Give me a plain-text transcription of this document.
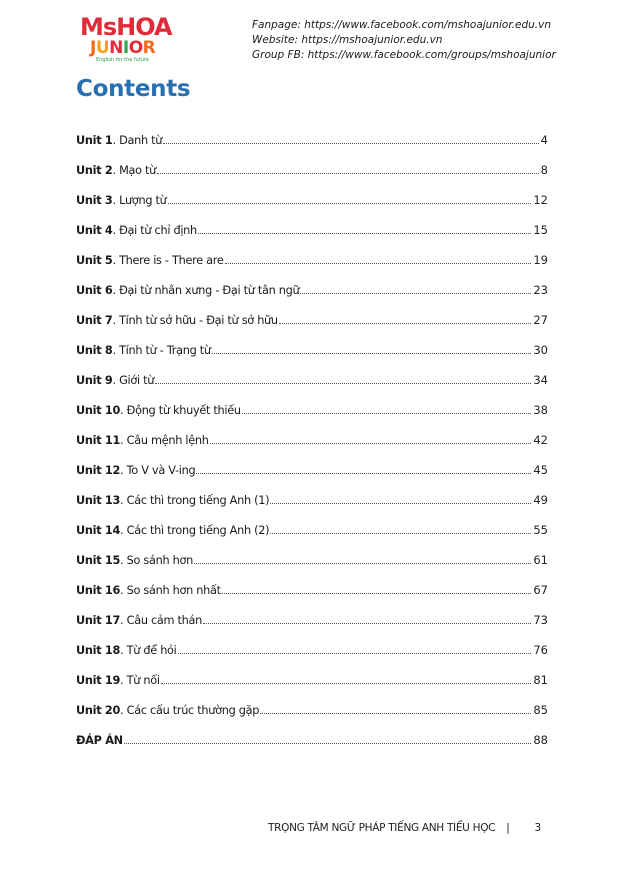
MsHOA
JUNIOR
English for the future
Fanpage: https://www.facebook.com/mshoajunior.edu.vn
Website: https://mshoajunior.edu.vn
Group FB: https://www.facebook.com/groups/mshoajunior
Contents
Unit 1. Danh từ	4
Unit 2. Mạo từ	8
Unit 3. Lượng từ	12
Unit 4. Đại từ chỉ định	15
Unit 5. There is - There are	19
Unit 6. Đại từ nhân xưng - Đại từ tân ngữ	23
Unit 7. Tính từ sở hữu - Đại từ sở hữu	27
Unit 8. Tính từ - Trạng từ	30
Unit 9. Giới từ	34
Unit 10. Động từ khuyết thiếu	38
Unit 11. Câu mệnh lệnh	42
Unit 12. To V và V-ing	45
Unit 13. Các thì trong tiếng Anh (1)	49
Unit 14. Các thì trong tiếng Anh (2)	55
Unit 15. So sánh hơn	61
Unit 16. So sánh hơn nhất	67
Unit 17. Câu cảm thán	73
Unit 18. Từ để hỏi	76
Unit 19. Từ nối	81
Unit 20. Các cấu trúc thường gặp	85
ĐÁP ÁN	88
TRỌNG TÂM NGỮ PHÁP TIẾNG ANH TIỂU HỌC | 3
